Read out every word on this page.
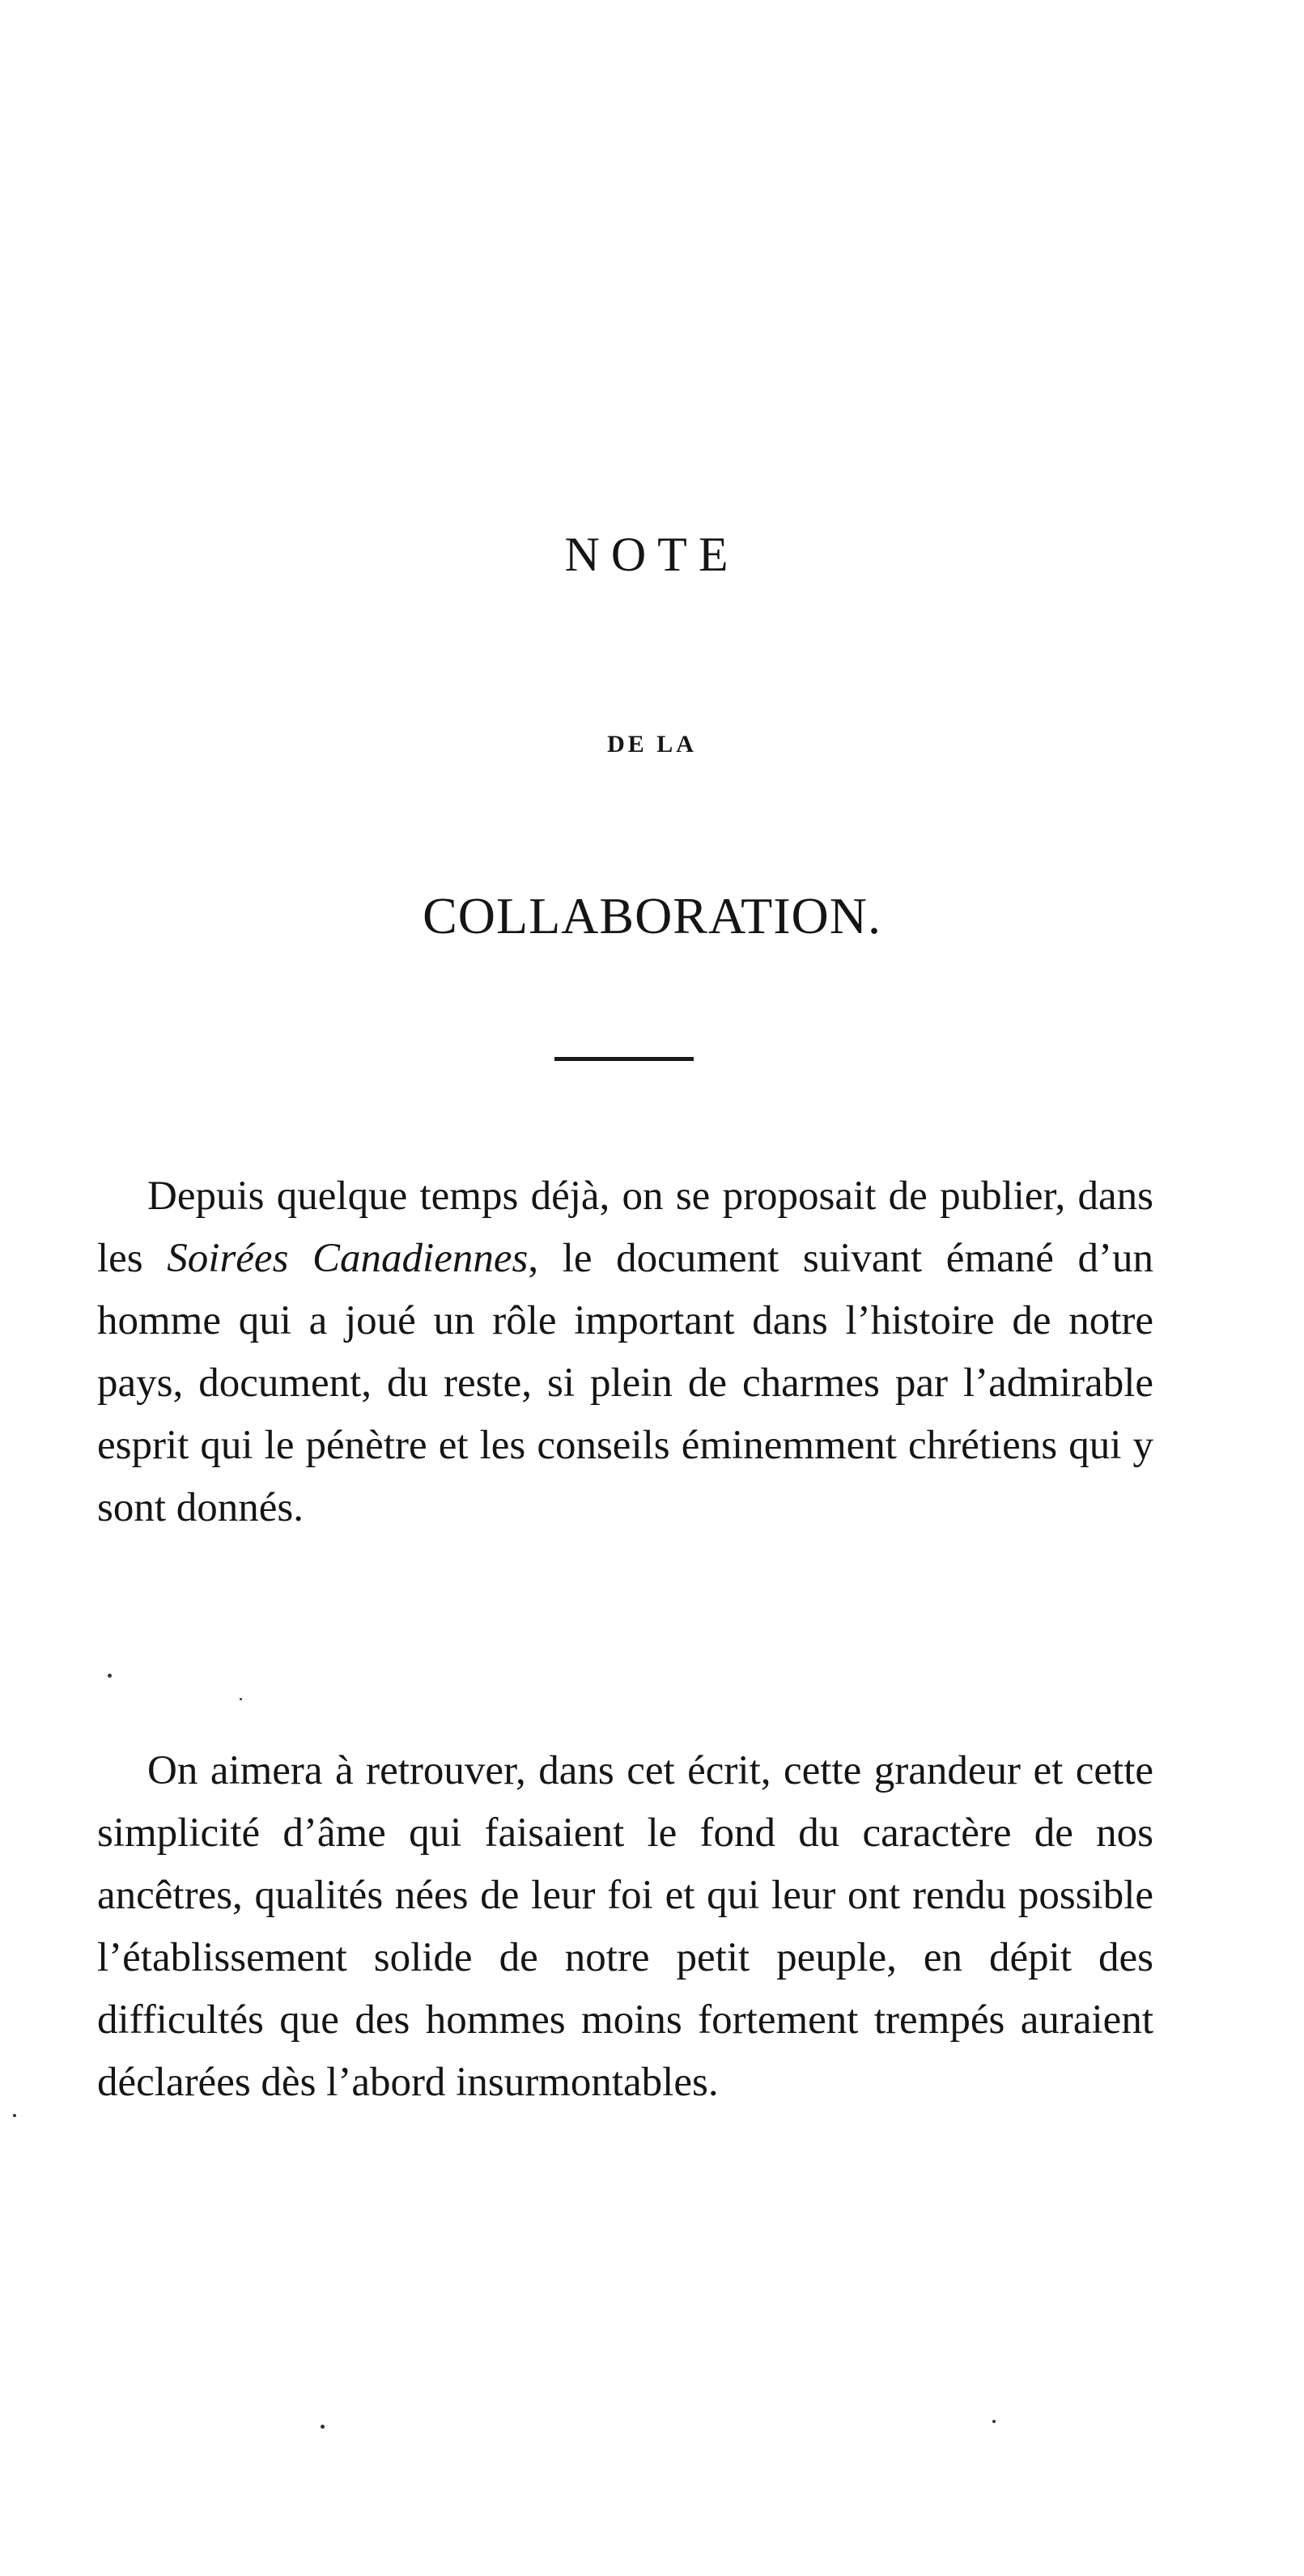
NOTE
DE LA
COLLABORATION.

Depuis quelque temps déjà, on se proposait de publier, dans les Soirées Canadiennes, le document suivant émané d’un homme qui a joué un rôle important dans l’histoire de notre pays, document, du reste, si plein de charmes par l’admirable esprit qui le pénètre et les conseils éminemment chrétiens qui y sont donnés.

On aimera à retrouver, dans cet écrit, cette grandeur et cette simplicité d’âme qui faisaient le fond du caractère de nos ancêtres, qualités nées de leur foi et qui leur ont rendu possible l’établissement solide de notre petit peuple, en dépit des difficultés que des hommes moins fortement trempés auraient déclarées dès l’abord insurmontables.
